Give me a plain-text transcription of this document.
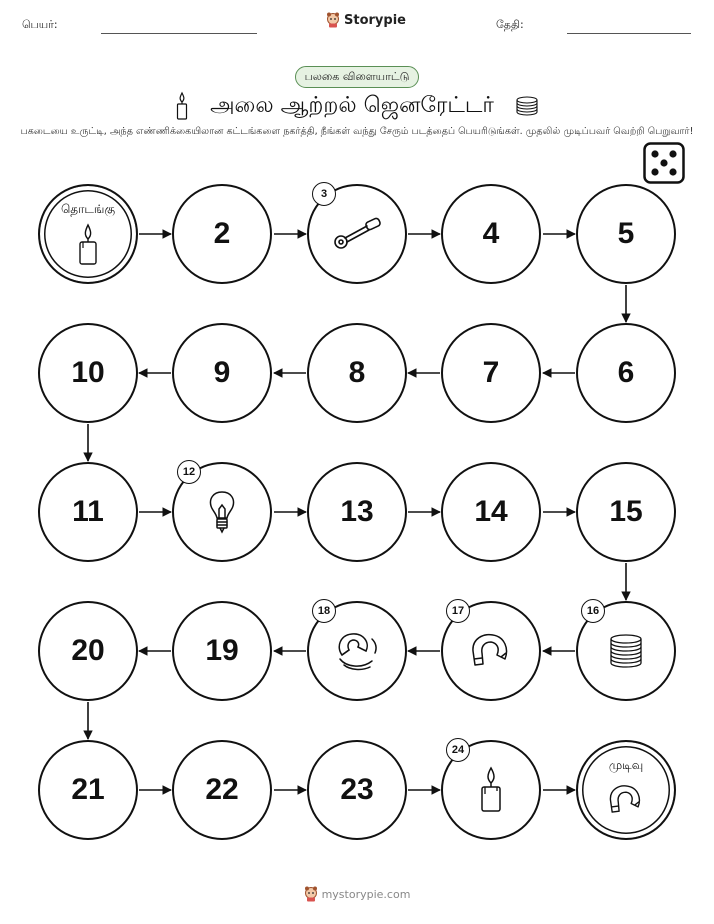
பெயர்:	Storypie	தேதி:
பலகை விளையாட்டு
அலை ஆற்றல் ஜெனரேட்டர்
பகடையை உருட்டி, அந்த எண்ணிக்கையிலான கட்டங்களை நகர்த்தி, நீங்கள் வந்து சேரும் படத்தைப் பெயரிடுங்கள். முதலில் முடிப்பவர் வெற்றி பெறுவார்!
தொடங்கு
2
3
4	5
10	9	8	7	6
11
12
13	14	15
20	19
18	17	16
21	22	23
24
முடிவு
mystorypie.com
